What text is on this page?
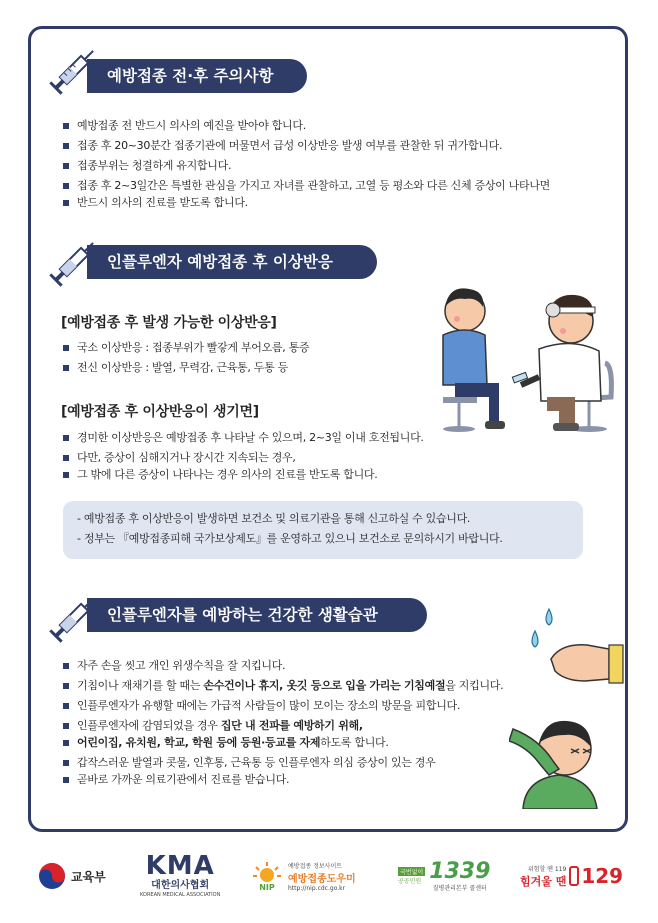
예방접종 전·후 주의사항
예방접종 전 반드시 의사의 예진을 받아야 합니다.
접종 후 20~30분간 접종기관에 머물면서 급성 이상반응 발생 여부를 관찰한 뒤 귀가합니다.
접종부위는 청결하게 유지합니다.
접종 후 2~3일간은 특별한 관심을 가지고 자녀를 관찰하고, 고열 등 평소와 다른 신체 증상이 나타나면
반드시 의사의 진료를 받도록 합니다.
인플루엔자 예방접종 후 이상반응
[예방접종 후 발생 가능한 이상반응]
국소 이상반응 : 접종부위가 빨갛게 부어오름, 통증
전신 이상반응 : 발열, 무력감, 근육통, 두통 등
[예방접종 후 이상반응이 생기면]
경미한 이상반응은 예방접종 후 나타날 수 있으며, 2~3일 이내 호전됩니다.
다만, 증상이 심해지거나 장시간 지속되는 경우,
그 밖에 다른 증상이 나타나는 경우 의사의 진료를 반도록 합니다.
- 예방접종 후 이상반응이 발생하면 보건소 및 의료기관을 통해 신고하실 수 있습니다.
- 정부는 『예방접종피해 국가보상제도』를 운영하고 있으니 보건소로 문의하시기 바랍니다.
인플루엔자를 예방하는 건강한 생활습관
자주 손을 씻고 개인 위생수칙을 잘 지킵니다.
기침이나 재채기를 할 때는 손수건이나 휴지, 옷깃 등으로 입을 가리는 기침예절을 지킵니다.
인플루엔자가 유행할 때에는 가급적 사람들이 많이 모이는 장소의 방문을 피합니다.
인플루엔자에 감염되었을 경우 집단 내 전파를 예방하기 위해,
어린이집, 유치원, 학교, 학원 등에 등원·등교를 자제하도록 합니다.
갑작스러운 발열과 콧물, 인후통, 근육통 등 인플루엔자 의심 증상이 있는 경우
곧바로 가까운 의료기관에서 진료를 받습니다.
교육부 KMA
대한의사협회
KOREAN MEDICAL ASSOCIATION
NIP
예방접종 정보사이트
예방접종도우미
http://nip.cdc.go.kr
국번없이
공공민원 1339
질병관리본부 콜센터
위험할 땐 119
힘겨울 땐 129
